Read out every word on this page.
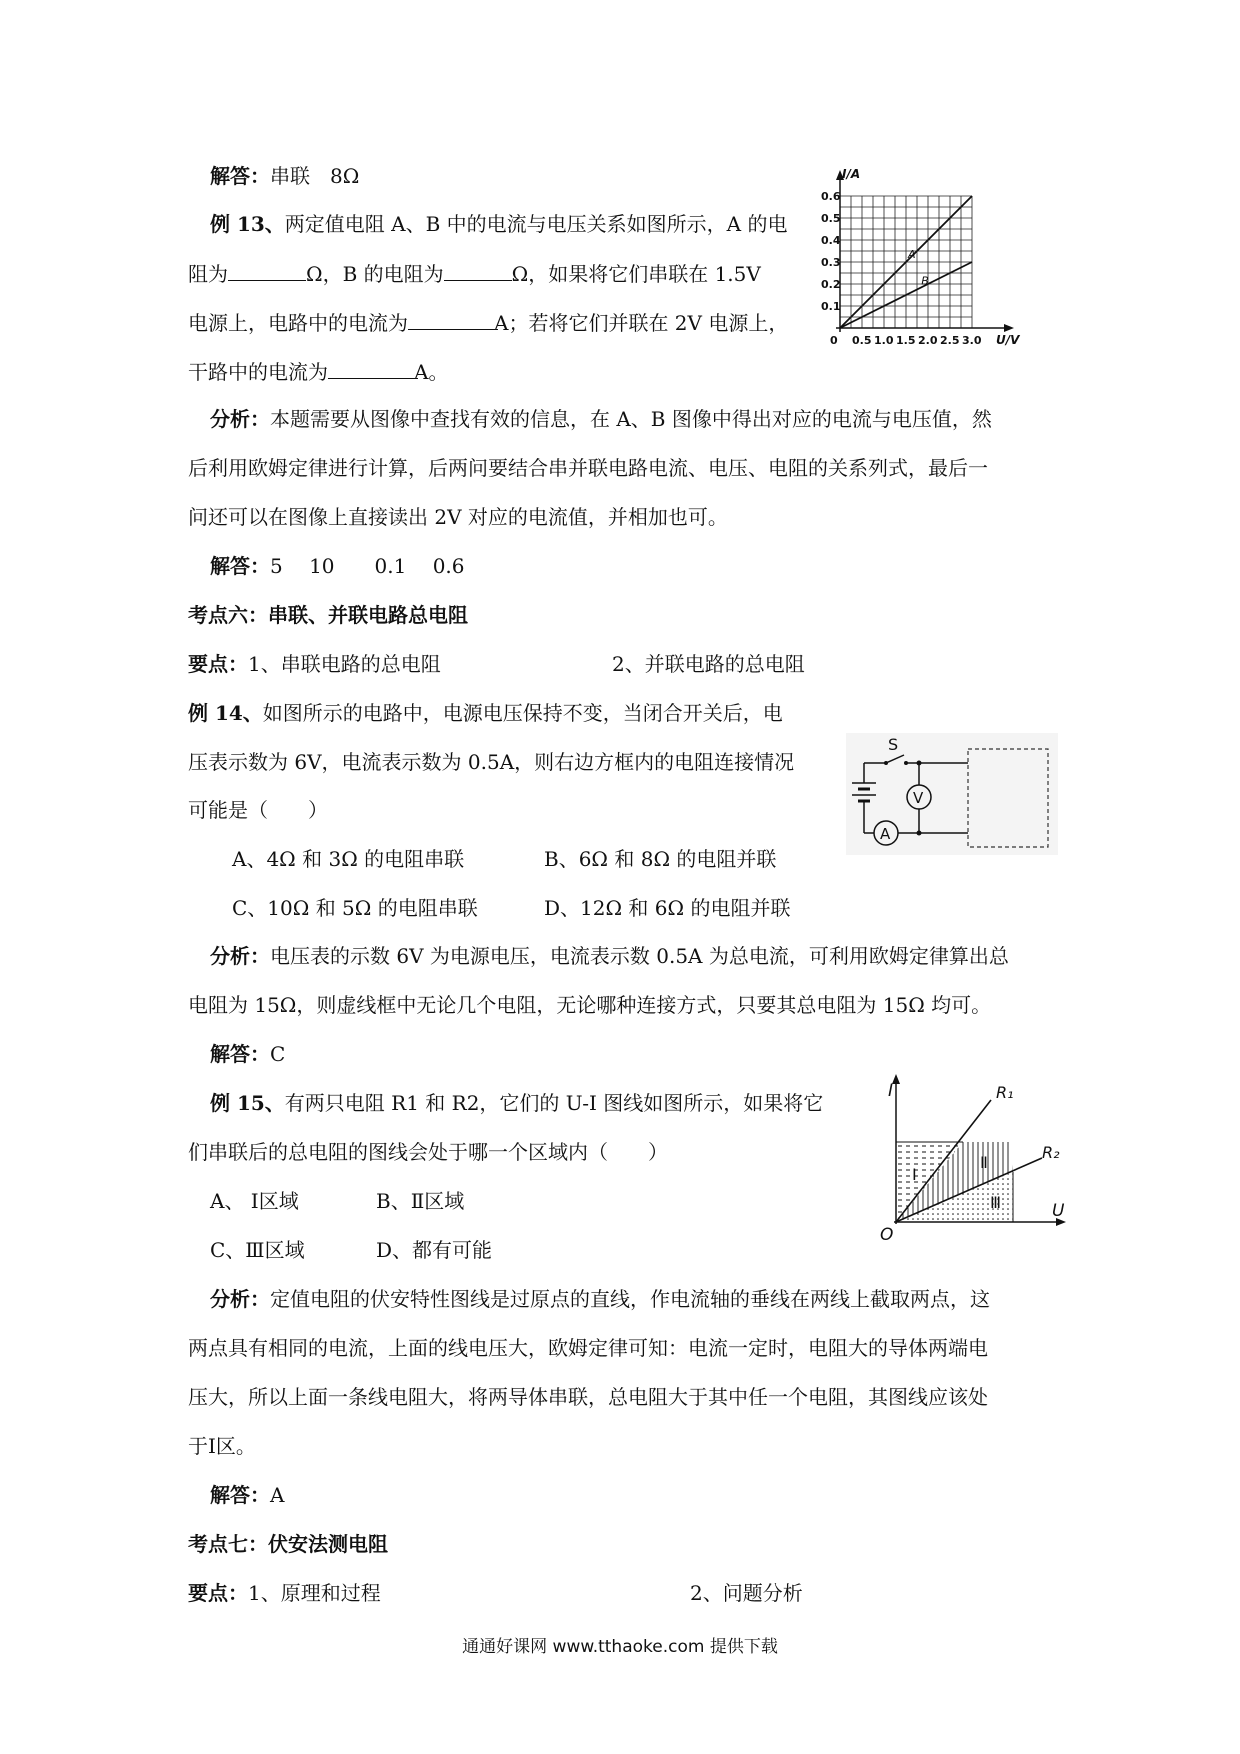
解答：串联　8Ω
例 13、两定值电阻 A、B 中的电流与电压关系如图所示，A 的电
阻为	Ω，B 的电阻为	Ω，如果将它们串联在 1.5V
电源上，电路中的电流为	A；若将它们并联在 2V 电源上，
干路中的电流为	A。
0.5 1.0 1.5 2.0 2.5 3.0
0.1
0.2
0.3
0.4
0.5
0.6
0
I/A
U/V
A
B
分析：本题需要从图像中查找有效的信息，在 A、B 图像中得出对应的电流与电压值，然
后利用欧姆定律进行计算，后两问要结合串并联电路电流、电压、电阻的关系列式，最后一
问还可以在图像上直接读出 2V 对应的电流值，并相加也可。
解答：5　 10　　0.1　 0.6
考点六：串联、并联电路总电阻
要点：1、串联电路的总电阻	2、并联电路的总电阻
例 14、如图所示的电路中，电源电压保持不变，当闭合开关后，电
压表示数为 6V，电流表示数为 0.5A，则右边方框内的电阻连接情况
可能是（　　）
A、4Ω 和 3Ω 的电阻串联	B、6Ω 和 8Ω 的电阻并联
C、10Ω 和 5Ω 的电阻串联	D、12Ω 和 6Ω 的电阻并联
S
A
V
分析：电压表的示数 6V 为电源电压，电流表示数 0.5A 为总电流，可利用欧姆定律算出总
电阻为 15Ω，则虚线框中无论几个电阻，无论哪种连接方式，只要其总电阻为 15Ω 均可。
解答：C
例 15、有两只电阻 R1 和 R2，它们的 U-I 图线如图所示，如果将它
们串联后的总电阻的图线会处于哪一个区域内（　　）
A、 Ⅰ区域	B、Ⅱ区域
C、Ⅲ区域	D、都有可能
I
U
O
R₁
R₂
Ⅰ
Ⅱ
Ⅲ
分析：定值电阻的伏安特性图线是过原点的直线，作电流轴的垂线在两线上截取两点，这
两点具有相同的电流，上面的线电压大，欧姆定律可知：电流一定时，电阻大的导体两端电
压大，所以上面一条线电阻大，将两导体串联，总电阻大于其中任一个电阻，其图线应该处
于Ⅰ区。
解答：A
考点七：伏安法测电阻
要点：1、原理和过程	2、问题分析
通通好课网 www.tthaoke.com 提供下载
